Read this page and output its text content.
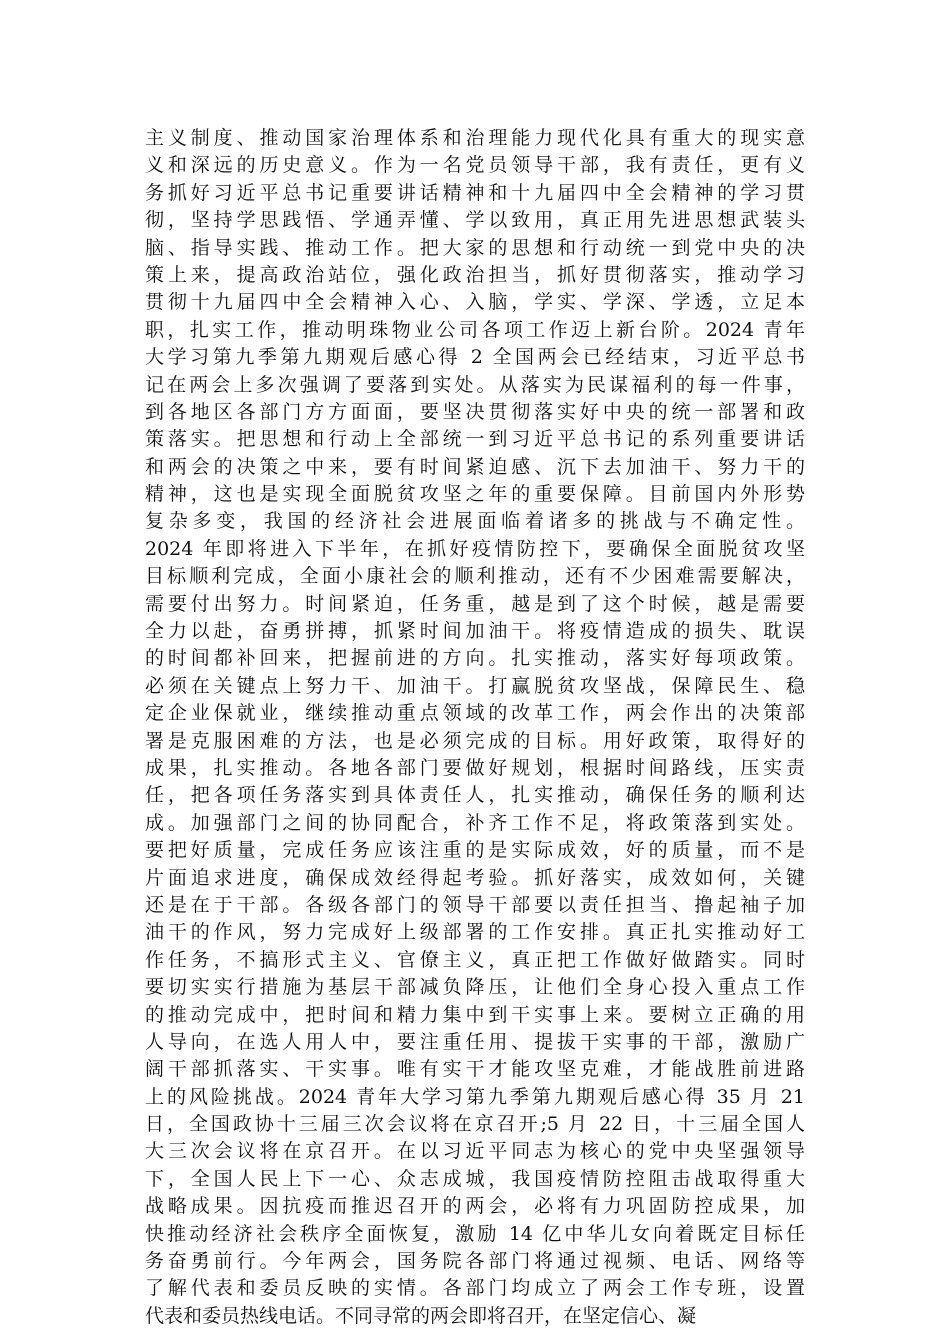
主义制度、推动国家治理体系和治理能力现代化具有重大的现实意
义和深远的历史意义。作为一名党员领导干部，我有责任，更有义
务抓好习近平总书记重要讲话精神和十九届四中全会精神的学习贯
彻，坚持学思践悟、学通弄懂、学以致用，真正用先进思想武装头
脑、指导实践、推动工作。把大家的思想和行动统一到党中央的决
策上来，提高政治站位，强化政治担当，抓好贯彻落实，推动学习
贯彻十九届四中全会精神入心、入脑，学实、学深、学透，立足本
职，扎实工作，推动明珠物业公司各项工作迈上新台阶。2024 青年
大学习第九季第九期观后感心得 2 全国两会已经结束，习近平总书
记在两会上多次强调了要落到实处。从落实为民谋福利的每一件事，
到各地区各部门方方面面，要坚决贯彻落实好中央的统一部署和政
策落实。把思想和行动上全部统一到习近平总书记的系列重要讲话
和两会的决策之中来，要有时间紧迫感、沉下去加油干、努力干的
精神，这也是实现全面脱贫攻坚之年的重要保障。目前国内外形势
复杂多变，我国的经济社会进展面临着诸多的挑战与不确定性。
2024 年即将进入下半年，在抓好疫情防控下，要确保全面脱贫攻坚
目标顺利完成，全面小康社会的顺利推动，还有不少困难需要解决，
需要付出努力。时间紧迫，任务重，越是到了这个时候，越是需要
全力以赴，奋勇拼搏，抓紧时间加油干。将疫情造成的损失、耽误
的时间都补回来，把握前进的方向。扎实推动，落实好每项政策。
必须在关键点上努力干、加油干。打赢脱贫攻坚战，保障民生、稳
定企业保就业，继续推动重点领域的改革工作，两会作出的决策部
署是克服困难的方法，也是必须完成的目标。用好政策，取得好的
成果，扎实推动。各地各部门要做好规划，根据时间路线，压实责
任，把各项任务落实到具体责任人，扎实推动，确保任务的顺利达
成。加强部门之间的协同配合，补齐工作不足，将政策落到实处。
要把好质量，完成任务应该注重的是实际成效，好的质量，而不是
片面追求进度，确保成效经得起考验。抓好落实，成效如何，关键
还是在于干部。各级各部门的领导干部要以责任担当、撸起袖子加
油干的作风，努力完成好上级部署的工作安排。真正扎实推动好工
作任务，不搞形式主义、官僚主义，真正把工作做好做踏实。同时
要切实实行措施为基层干部减负降压，让他们全身心投入重点工作
的推动完成中，把时间和精力集中到干实事上来。要树立正确的用
人导向，在选人用人中，要注重任用、提拔干实事的干部，激励广
阔干部抓落实、干实事。唯有实干才能攻坚克难，才能战胜前进路
上的风险挑战。2024 青年大学习第九季第九期观后感心得 35 月 21
日，全国政协十三届三次会议将在京召开;5 月 22 日，十三届全国人
大三次会议将在京召开。在以习近平同志为核心的党中央坚强领导
下，全国人民上下一心、众志成城，我国疫情防控阻击战取得重大
战略成果。因抗疫而推迟召开的两会，必将有力巩固防控成果，加
快推动经济社会秩序全面恢复，激励 14 亿中华儿女向着既定目标任
务奋勇前行。今年两会，国务院各部门将通过视频、电话、网络等
了解代表和委员反映的实情。各部门均成立了两会工作专班，设置
代表和委员热线电话。不同寻常的两会即将召开，在坚定信心、凝
